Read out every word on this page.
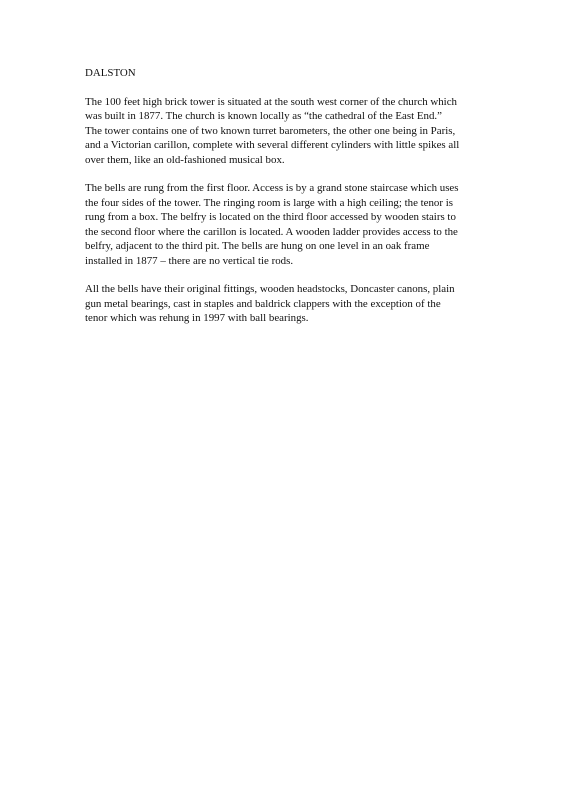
DALSTON

The 100 feet high brick tower is situated at the south west corner of the church which
was built in 1877. The church is known locally as “the cathedral of the East End.”
The tower contains one of two known turret barometers, the other one being in Paris,
and a Victorian carillon, complete with several different cylinders with little spikes all
over them, like an old-fashioned musical box.

The bells are rung from the first floor. Access is by a grand stone staircase which uses
the four sides of the tower. The ringing room is large with a high ceiling; the tenor is
rung from a box. The belfry is located on the third floor accessed by wooden stairs to
the second floor where the carillon is located. A wooden ladder provides access to the
belfry, adjacent to the third pit. The bells are hung on one level in an oak frame
installed in 1877 – there are no vertical tie rods.

All the bells have their original fittings, wooden headstocks, Doncaster canons, plain
gun metal bearings, cast in staples and baldrick clappers with the exception of the
tenor which was rehung in 1997 with ball bearings.
